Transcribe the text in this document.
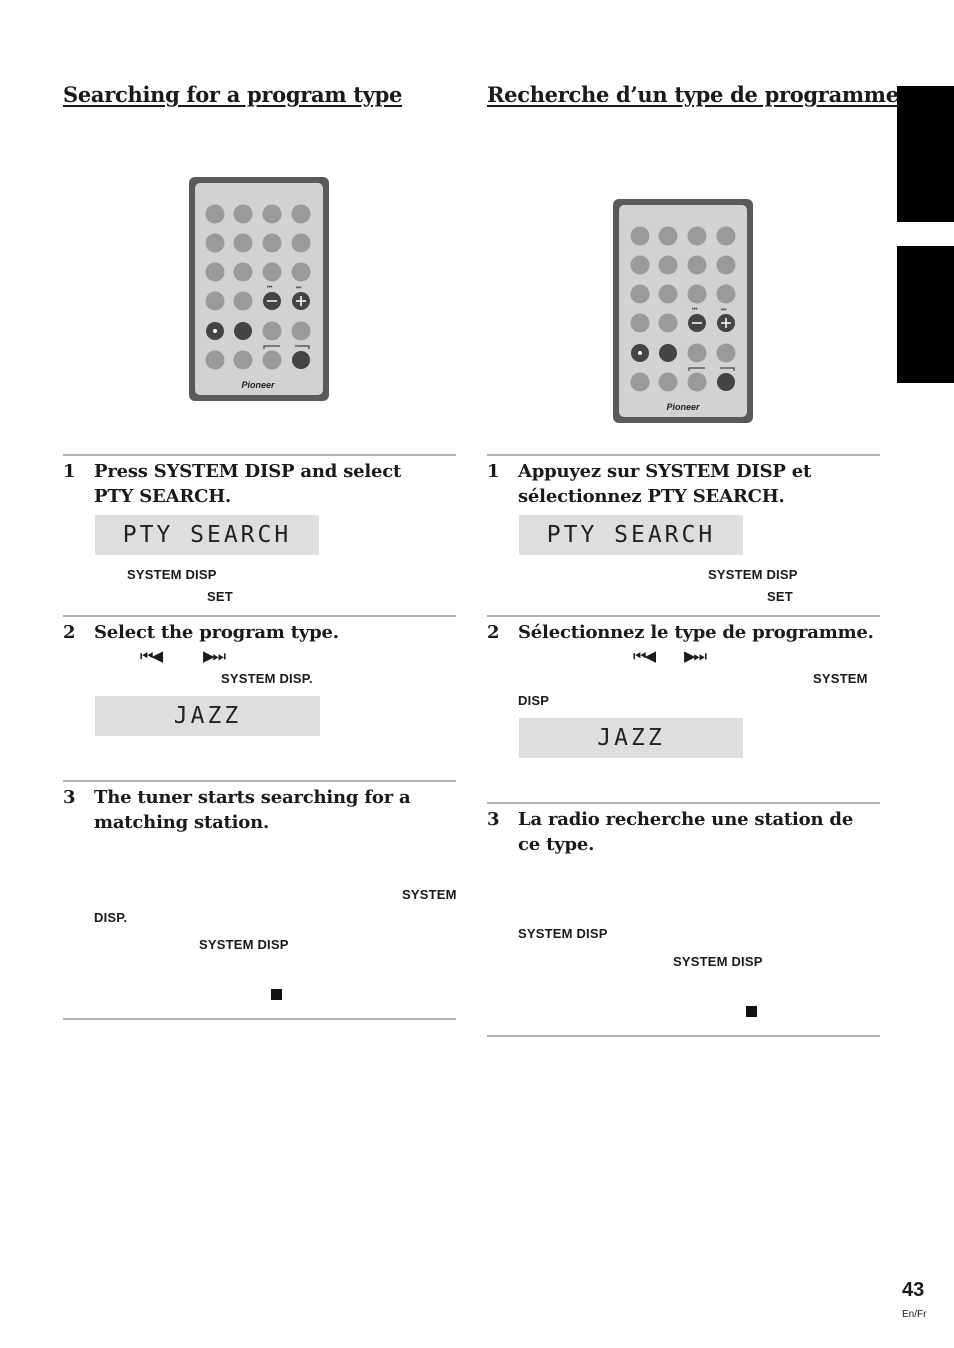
Searching for a program type
⏮	⏭
Pioneer
1 Press SYSTEM DISP and select PTY SEARCH.
PTY SEARCH
SYSTEM DISP
SET
2 Select the program type.
⏮◀	▶⏭
SYSTEM DISP.
JAZZ
3 The tuner starts searching for a matching station.
SYSTEM
DISP.
SYSTEM DISP
Recherche d’un type de programme
⏮	⏭
Pioneer
1 Appuyez sur SYSTEM DISP et sélectionnez PTY SEARCH.
PTY SEARCH
SYSTEM DISP
SET
2 Sélectionnez le type de programme.
⏮◀ ▶⏭
SYSTEM
DISP
JAZZ
3 La radio recherche une station de ce type.
SYSTEM DISP
SYSTEM DISP
43
En/Fr
